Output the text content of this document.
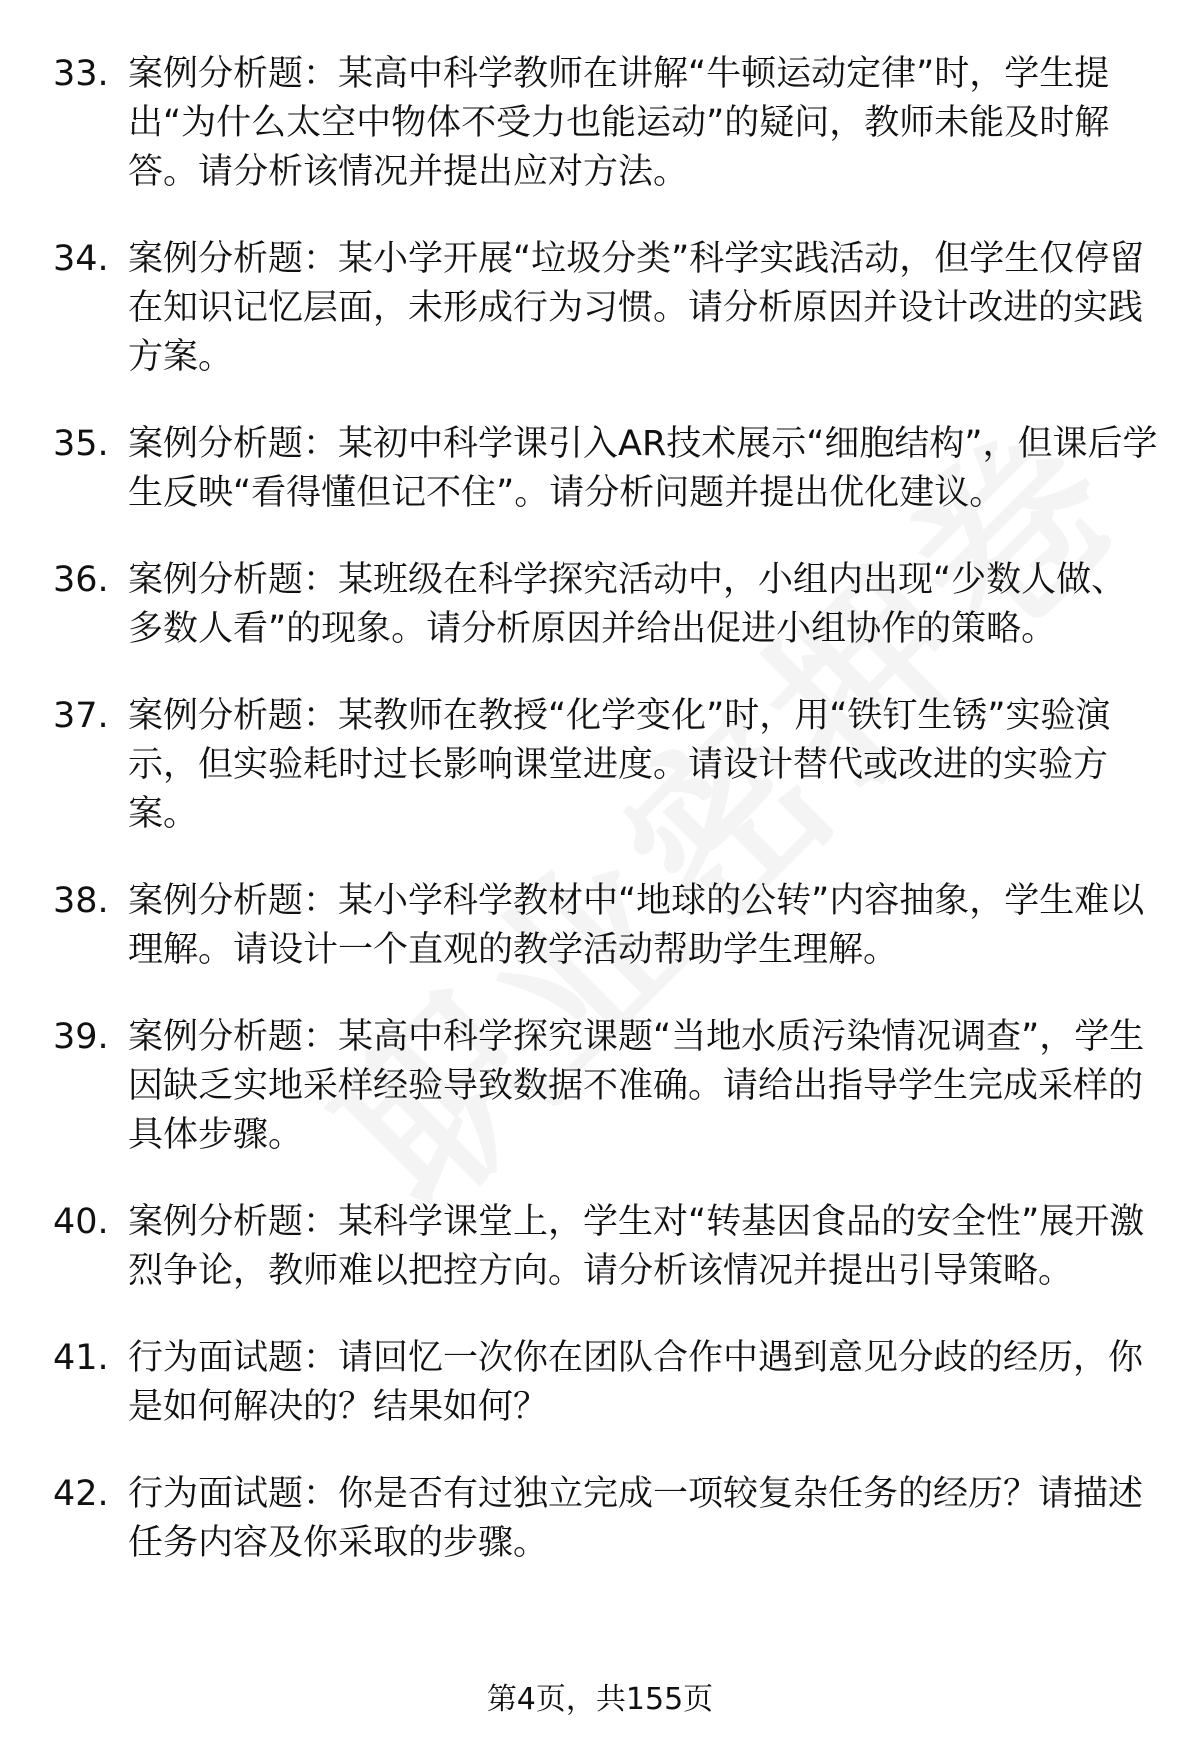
33. 案例分析题：某高中科学教师在讲解“牛顿运动定律”时，学生提出“为什么太空中物体不受力也能运动”的疑问，教师未能及时解答。请分析该情况并提出应对方法。
34. 案例分析题：某小学开展“垃圾分类”科学实践活动，但学生仅停留在知识记忆层面，未形成行为习惯。请分析原因并设计改进的实践方案。
35. 案例分析题：某初中科学课引入AR技术展示“细胞结构”，但课后学生反映“看得懂但记不住”。请分析问题并提出优化建议。
36. 案例分析题：某班级在科学探究活动中，小组内出现“少数人做、多数人看”的现象。请分析原因并给出促进小组协作的策略。
37. 案例分析题：某教师在教授“化学变化”时，用“铁钉生锈”实验演示，但实验耗时过长影响课堂进度。请设计替代或改进的实验方案。
38. 案例分析题：某小学科学教材中“地球的公转”内容抽象，学生难以理解。请设计一个直观的教学活动帮助学生理解。
39. 案例分析题：某高中科学探究课题“当地水质污染情况调查”，学生因缺乏实地采样经验导致数据不准确。请给出指导学生完成采样的具体步骤。
40. 案例分析题：某科学课堂上，学生对“转基因食品的安全性”展开激烈争论，教师难以把控方向。请分析该情况并提出引导策略。
41. 行为面试题：请回忆一次你在团队合作中遇到意见分歧的经历，你是如何解决的？结果如何？
42. 行为面试题：你是否有过独立完成一项较复杂任务的经历？请描述任务内容及你采取的步骤。
第4页，共155页
